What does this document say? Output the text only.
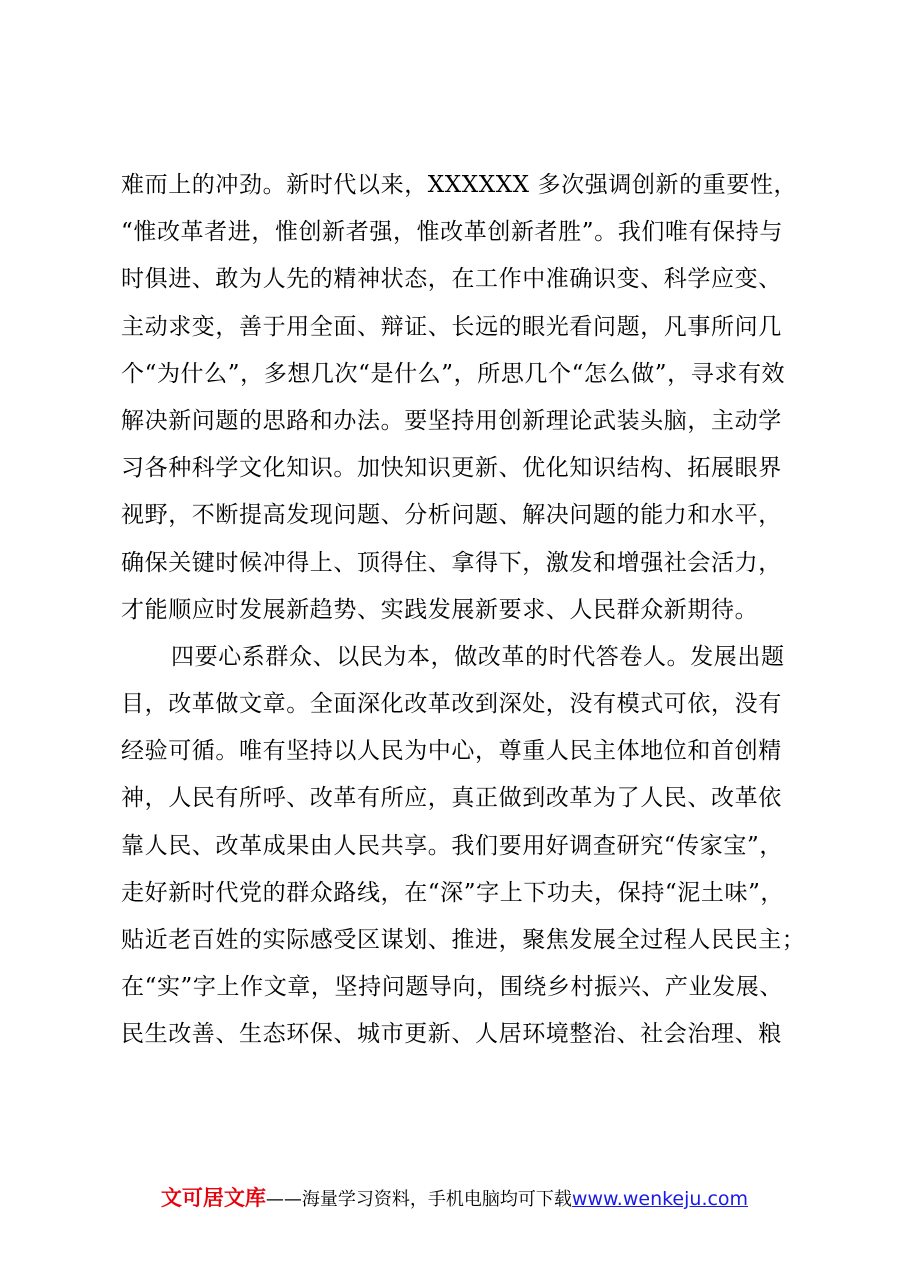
难而上的冲劲。新时代以来，XXXXXX 多次强调创新的重要性，
“惟改革者进，惟创新者强，惟改革创新者胜”。我们唯有保持与
时俱进、敢为人先的精神状态，在工作中准确识变、科学应变、
主动求变，善于用全面、辩证、长远的眼光看问题，凡事所问几
个“为什么”，多想几次“是什么”，所思几个“怎么做”，寻求有效
解决新问题的思路和办法。要坚持用创新理论武装头脑，主动学
习各种科学文化知识。加快知识更新、优化知识结构、拓展眼界
视野，不断提高发现问题、分析问题、解决问题的能力和水平，
确保关键时候冲得上、顶得住、拿得下，激发和增强社会活力，
才能顺应时发展新趋势、实践发展新要求、人民群众新期待。
四要心系群众、以民为本，做改革的时代答卷人。发展出题
目，改革做文章。全面深化改革改到深处，没有模式可依，没有
经验可循。唯有坚持以人民为中心，尊重人民主体地位和首创精
神，人民有所呼、改革有所应，真正做到改革为了人民、改革依
靠人民、改革成果由人民共享。我们要用好调查研究“传家宝”，
走好新时代党的群众路线，在“深”字上下功夫，保持“泥土味”，
贴近老百姓的实际感受区谋划、推进，聚焦发展全过程人民民主；
在“实”字上作文章，坚持问题导向，围绕乡村振兴、产业发展、
民生改善、生态环保、城市更新、人居环境整治、社会治理、粮
文可居文库——海量学习资料，手机电脑均可下载www.wenkeju.com
